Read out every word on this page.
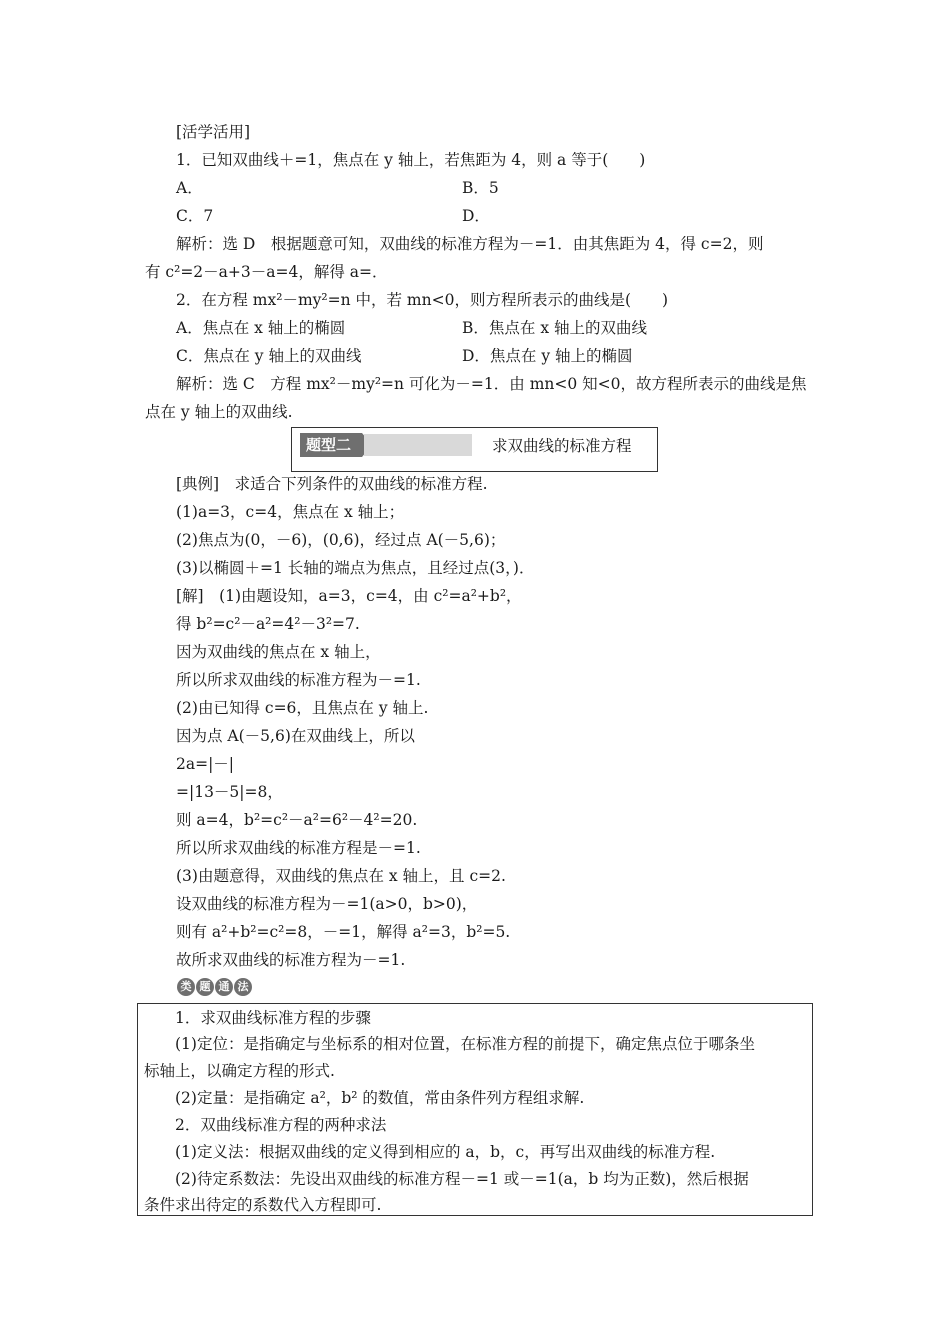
[活学活用]
1．已知双曲线＋=1，焦点在 y 轴上，若焦距为 4，则 a 等于(　　)
A．	B．5
C．7	D．
解析：选 D　根据题意可知，双曲线的标准方程为－=1．由其焦距为 4，得 c=2，则
有 c²=2－a+3－a=4，解得 a=．
2．在方程 mx²－my²=n 中，若 mn<0，则方程所表示的曲线是(　　)
A．焦点在 x 轴上的椭圆	B．焦点在 x 轴上的双曲线
C．焦点在 y 轴上的双曲线	D．焦点在 y 轴上的椭圆
解析：选 C　方程 mx²－my²=n 可化为－=1．由 mn<0 知<0，故方程所表示的曲线是焦
点在 y 轴上的双曲线.
题型二	求双曲线的标准方程
[典例]　求适合下列条件的双曲线的标准方程.
(1)a=3，c=4，焦点在 x 轴上；
(2)焦点为(0，－6)，(0,6)，经过点 A(－5,6)；
(3)以椭圆＋=1 长轴的端点为焦点，且经过点(3，)．
[解]　(1)由题设知，a=3，c=4，由 c²=a²+b²，
得 b²=c²－a²=4²－3²=7.
因为双曲线的焦点在 x 轴上，
所以所求双曲线的标准方程为－=1.
(2)由已知得 c=6，且焦点在 y 轴上.
因为点 A(－5,6)在双曲线上，所以
2a=|－|
=|13－5|=8，
则 a=4，b²=c²－a²=6²－4²=20.
所以所求双曲线的标准方程是－=1.
(3)由题意得，双曲线的焦点在 x 轴上，且 c=2.
设双曲线的标准方程为－=1(a>0，b>0)，
则有 a²+b²=c²=8，－=1，解得 a²=3，b²=5.
故所求双曲线的标准方程为－=1.
类 题 通 法
1．求双曲线标准方程的步骤
(1)定位：是指确定与坐标系的相对位置，在标准方程的前提下，确定焦点位于哪条坐
标轴上，以确定方程的形式.
(2)定量：是指确定 a²，b² 的数值，常由条件列方程组求解.
2．双曲线标准方程的两种求法
(1)定义法：根据双曲线的定义得到相应的 a，b，c，再写出双曲线的标准方程.
(2)待定系数法：先设出双曲线的标准方程－=1 或－=1(a，b 均为正数)，然后根据
条件求出待定的系数代入方程即可.
